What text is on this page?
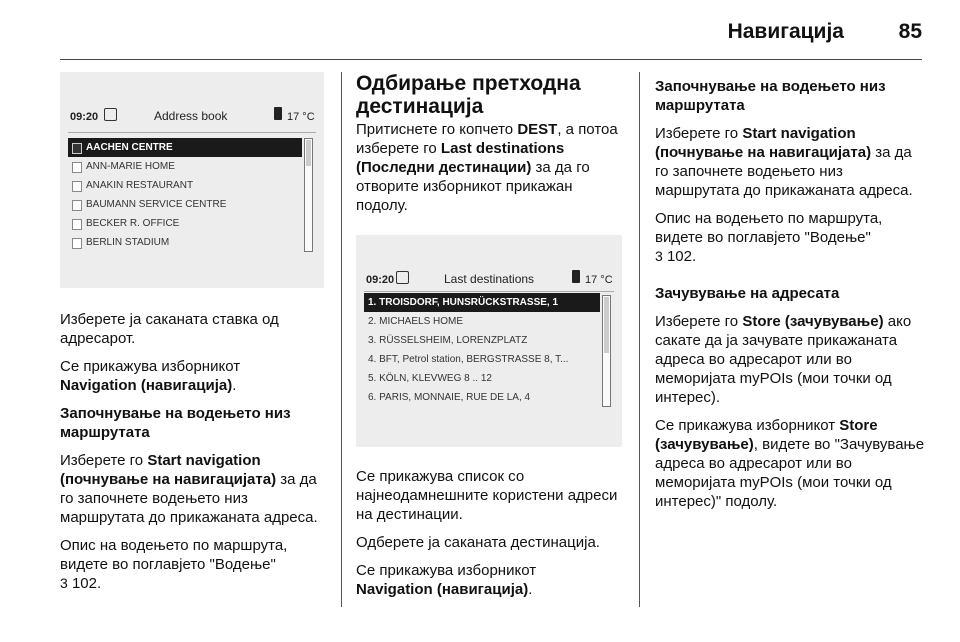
Навигација	85
09:20	Address book	17 °C
AACHEN CENTRE
ANN-MARIE HOME
ANAKIN RESTAURANT
BAUMANN SERVICE CENTRE
BECKER R. OFFICE
BERLIN STADIUM

Изберете ја саканата ставка од адресарот.

Се прикажува изборникот
Navigation (навигација).

Започнување на водењето низ маршрутата

Изберете го Start navigation (почнување на навигацијата) за да го започнете водењето низ маршрутата до прикажаната адреса.

Опис на водењето по маршрута, видете во поглавјето "Водење"
3 102.

Одбирање претходна дестинација

Притиснете го копчето DEST, а потоа изберете го Last destinations (Последни дестинации) за да го отворите изборникот прикажан подолу.

09:20	Last destinations	17 °C
1. TROISDORF, HUNSRÜCKSTRASSE, 1
2. MICHAELS HOME
3. RÜSSELSHEIM, LORENZPLATZ
4. BFT, Petrol station, BERGSTRASSE 8, T...
5. KÖLN, KLEVWEG 8 .. 12
6. PARIS, MONNAIE, RUE DE LA, 4

Се прикажува список со најнеодамнешните користени адреси на дестинации.

Одберете ја саканата дестинација.

Се прикажува изборникот
Navigation (навигација).

Започнување на водењето низ маршрутата

Изберете го Start navigation (почнување на навигацијата) за да го започнете водењето низ маршрутата до прикажаната адреса.

Опис на водењето по маршрута, видете во поглавјето "Водење"
3 102.

Зачувување на адресата

Изберете го Store (зачувување) ако сакате да ја зачувате прикажаната адреса во адресарот или во меморијата myPOIs (мои точки од интерес).

Се прикажува изборникот Store (зачувување), видете во "Зачувување адреса во адресарот или во меморијата myPOIs (мои точки од интерес)" подолу.
